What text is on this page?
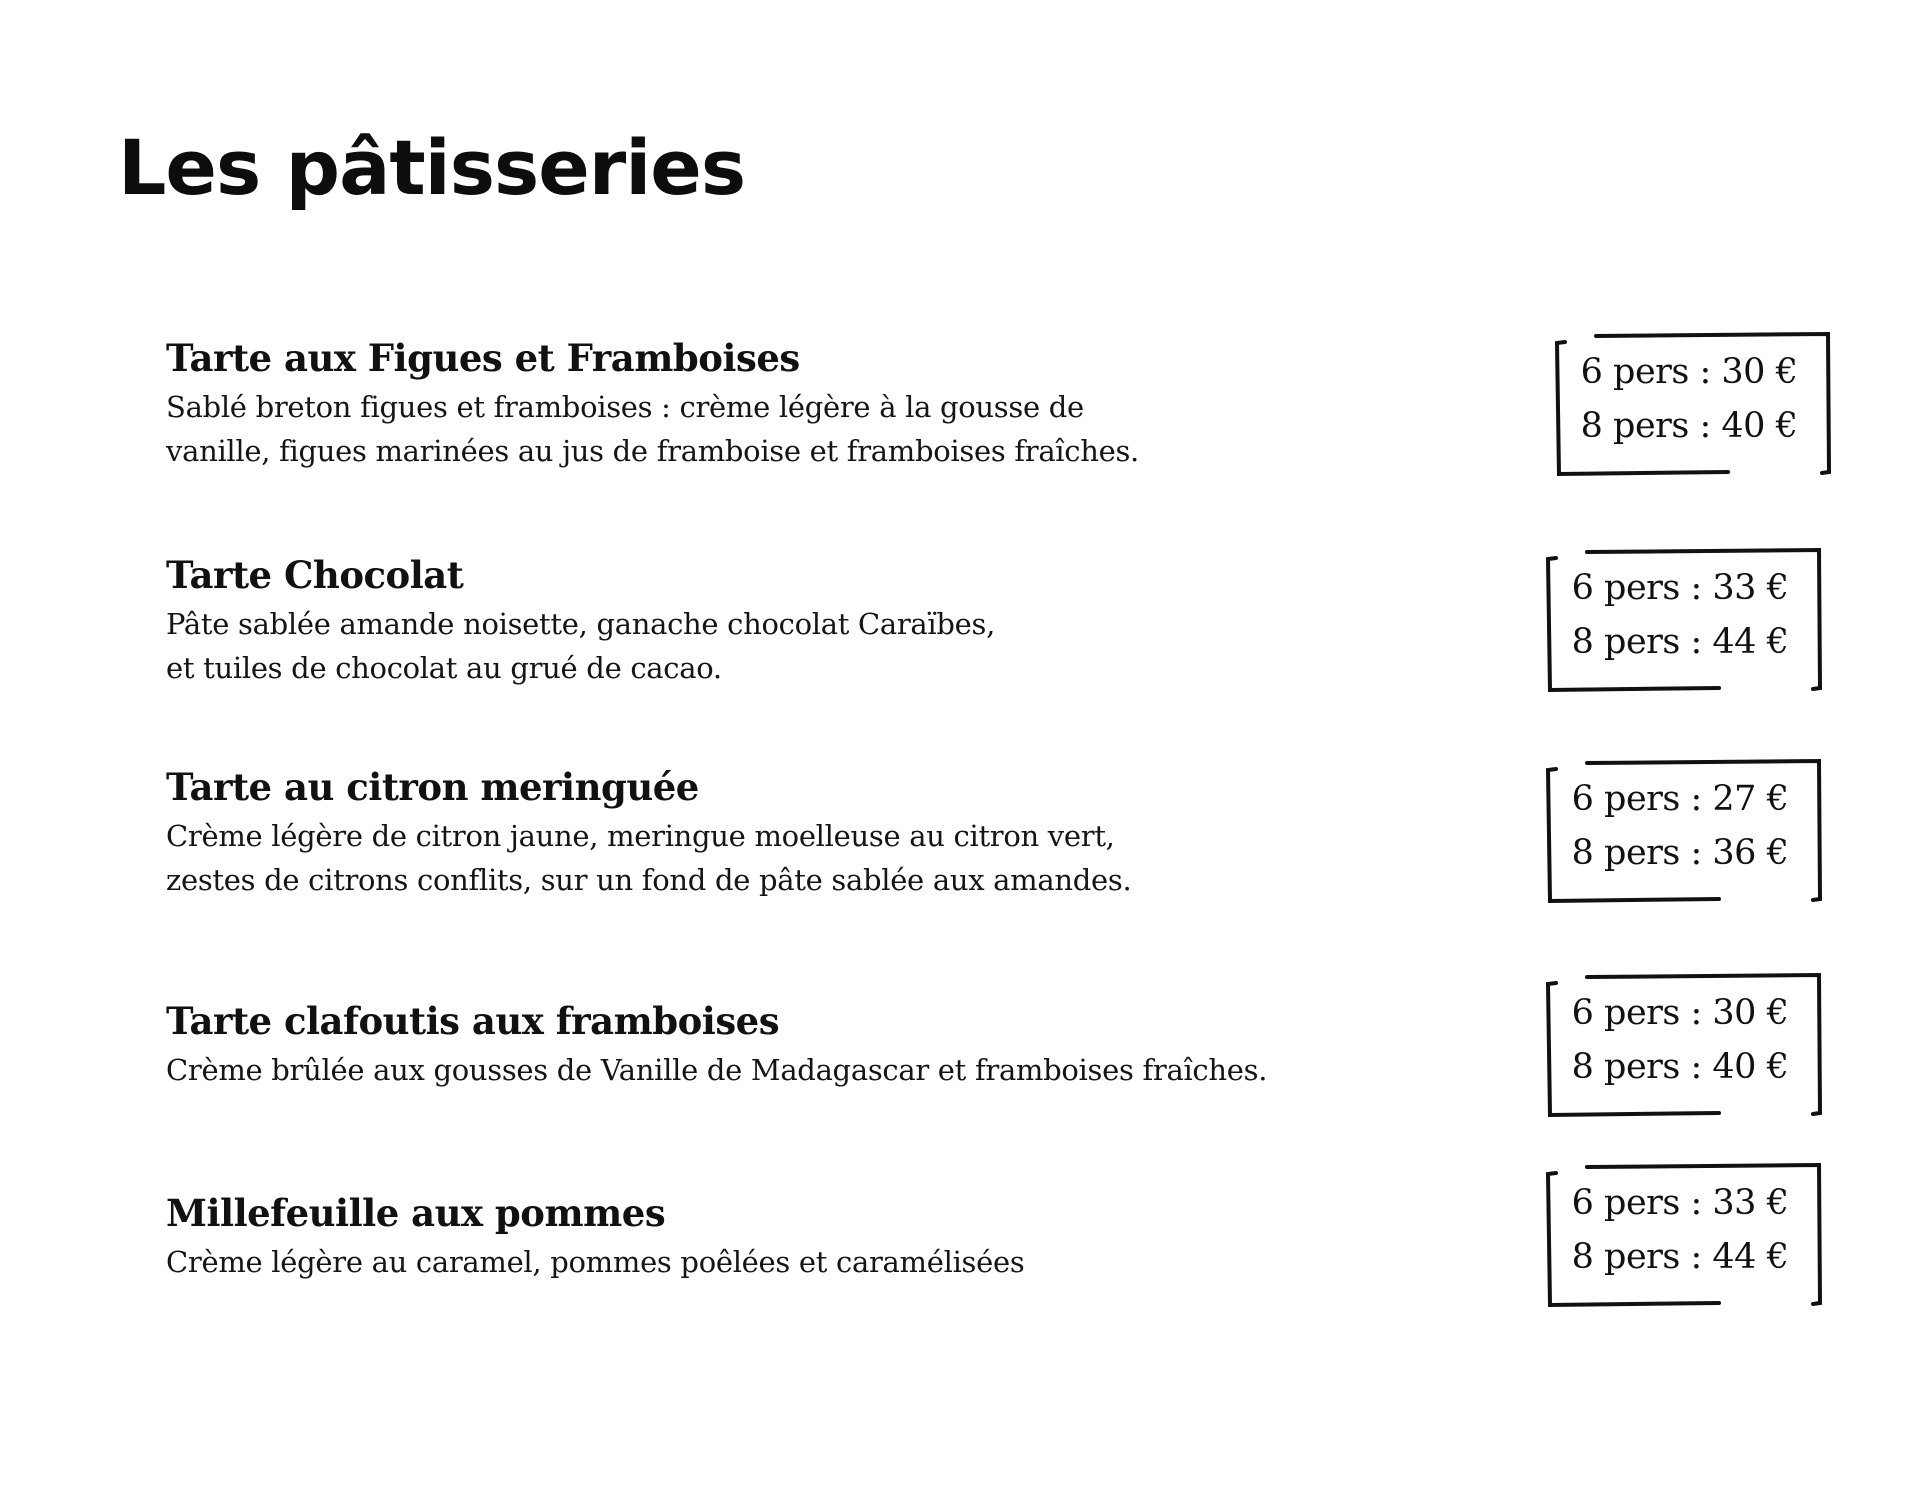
Les pâtisseries
Tarte aux Figues et Framboises

Sablé breton figues et framboises : crème légère à la gousse de
vanille, figues marinées au jus de framboise et framboises fraîches.

6 pers : 30 €
8 pers : 40 €
Tarte Chocolat

Pâte sablée amande noisette, ganache chocolat Caraïbes,
et tuiles de chocolat au grué de cacao.

6 pers : 33 €
8 pers : 44 €
Tarte au citron meringuée

Crème légère de citron jaune, meringue moelleuse au citron vert,
zestes de citrons conflits, sur un fond de pâte sablée aux amandes.

6 pers : 27 €
8 pers : 36 €
Tarte clafoutis aux framboises

Crème brûlée aux gousses de Vanille de Madagascar et framboises fraîches.

6 pers : 30 €
8 pers : 40 €
Millefeuille aux pommes

Crème légère au caramel, pommes poêlées et caramélisées

6 pers : 33 €
8 pers : 44 €
